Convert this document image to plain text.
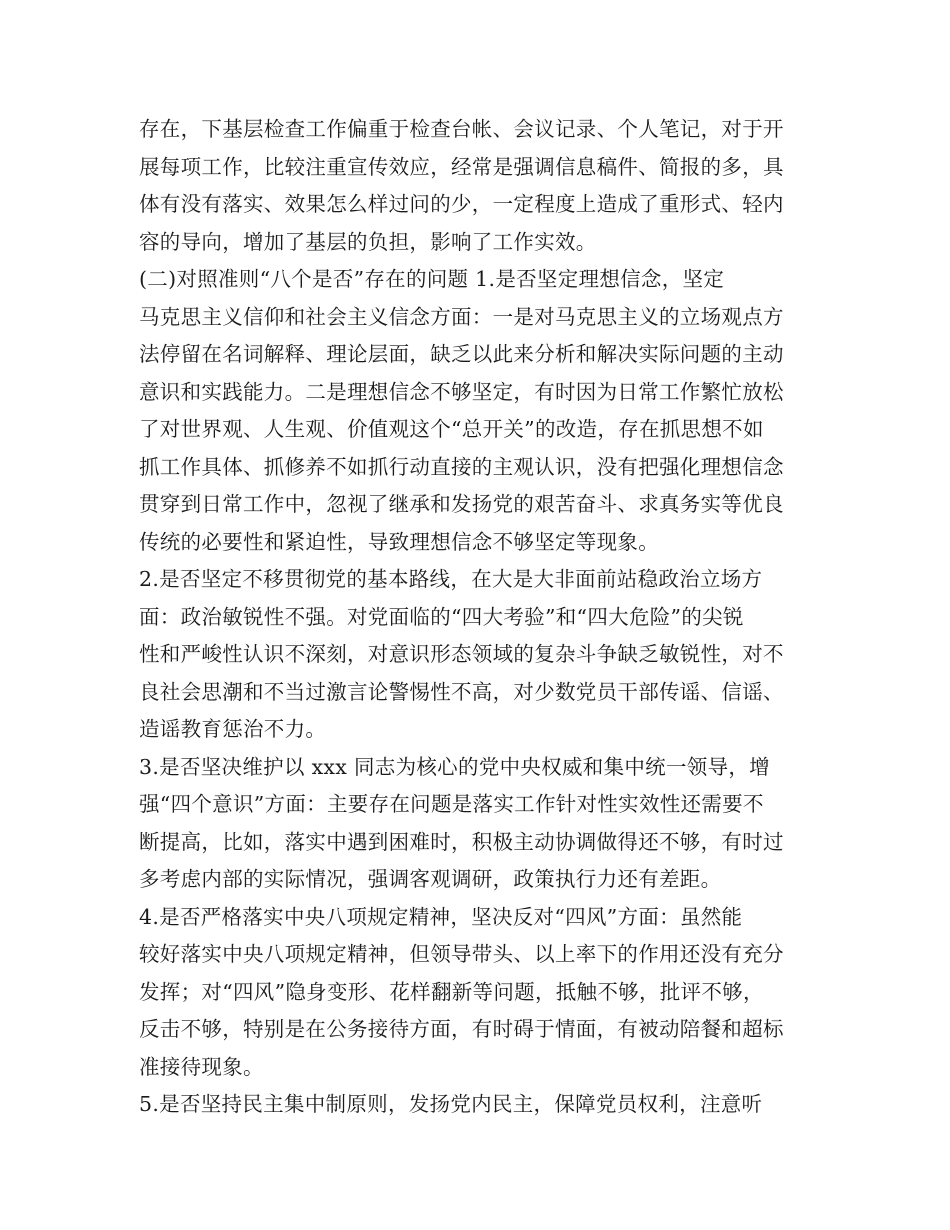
存在，下基层检查工作偏重于检查台帐、会议记录、个人笔记，对于开
展每项工作，比较注重宣传效应，经常是强调信息稿件、简报的多，具
体有没有落实、效果怎么样过问的少，一定程度上造成了重形式、轻内
容的导向，增加了基层的负担，影响了工作实效。
(二)对照准则“八个是否”存在的问题 1.是否坚定理想信念，坚定
马克思主义信仰和社会主义信念方面：一是对马克思主义的立场观点方
法停留在名词解释、理论层面，缺乏以此来分析和解决实际问题的主动
意识和实践能力。二是理想信念不够坚定，有时因为日常工作繁忙放松
了对世界观、人生观、价值观这个“总开关”的改造，存在抓思想不如
抓工作具体、抓修养不如抓行动直接的主观认识，没有把强化理想信念
贯穿到日常工作中，忽视了继承和发扬党的艰苦奋斗、求真务实等优良
传统的必要性和紧迫性，导致理想信念不够坚定等现象。
2.是否坚定不移贯彻党的基本路线，在大是大非面前站稳政治立场方
面：政治敏锐性不强。对党面临的“四大考验”和“四大危险”的尖锐
性和严峻性认识不深刻，对意识形态领域的复杂斗争缺乏敏锐性，对不
良社会思潮和不当过激言论警惕性不高，对少数党员干部传谣、信谣、
造谣教育惩治不力。
3.是否坚决维护以 xxx 同志为核心的党中央权威和集中统一领导，增
强“四个意识”方面：主要存在问题是落实工作针对性实效性还需要不
断提高，比如，落实中遇到困难时，积极主动协调做得还不够，有时过
多考虑内部的实际情况，强调客观调研，政策执行力还有差距。
4.是否严格落实中央八项规定精神，坚决反对“四风”方面：虽然能
较好落实中央八项规定精神，但领导带头、以上率下的作用还没有充分
发挥；对“四风”隐身变形、花样翻新等问题，抵触不够，批评不够，
反击不够，特别是在公务接待方面，有时碍于情面，有被动陪餐和超标
准接待现象。
5.是否坚持民主集中制原则，发扬党内民主，保障党员权利，注意听
